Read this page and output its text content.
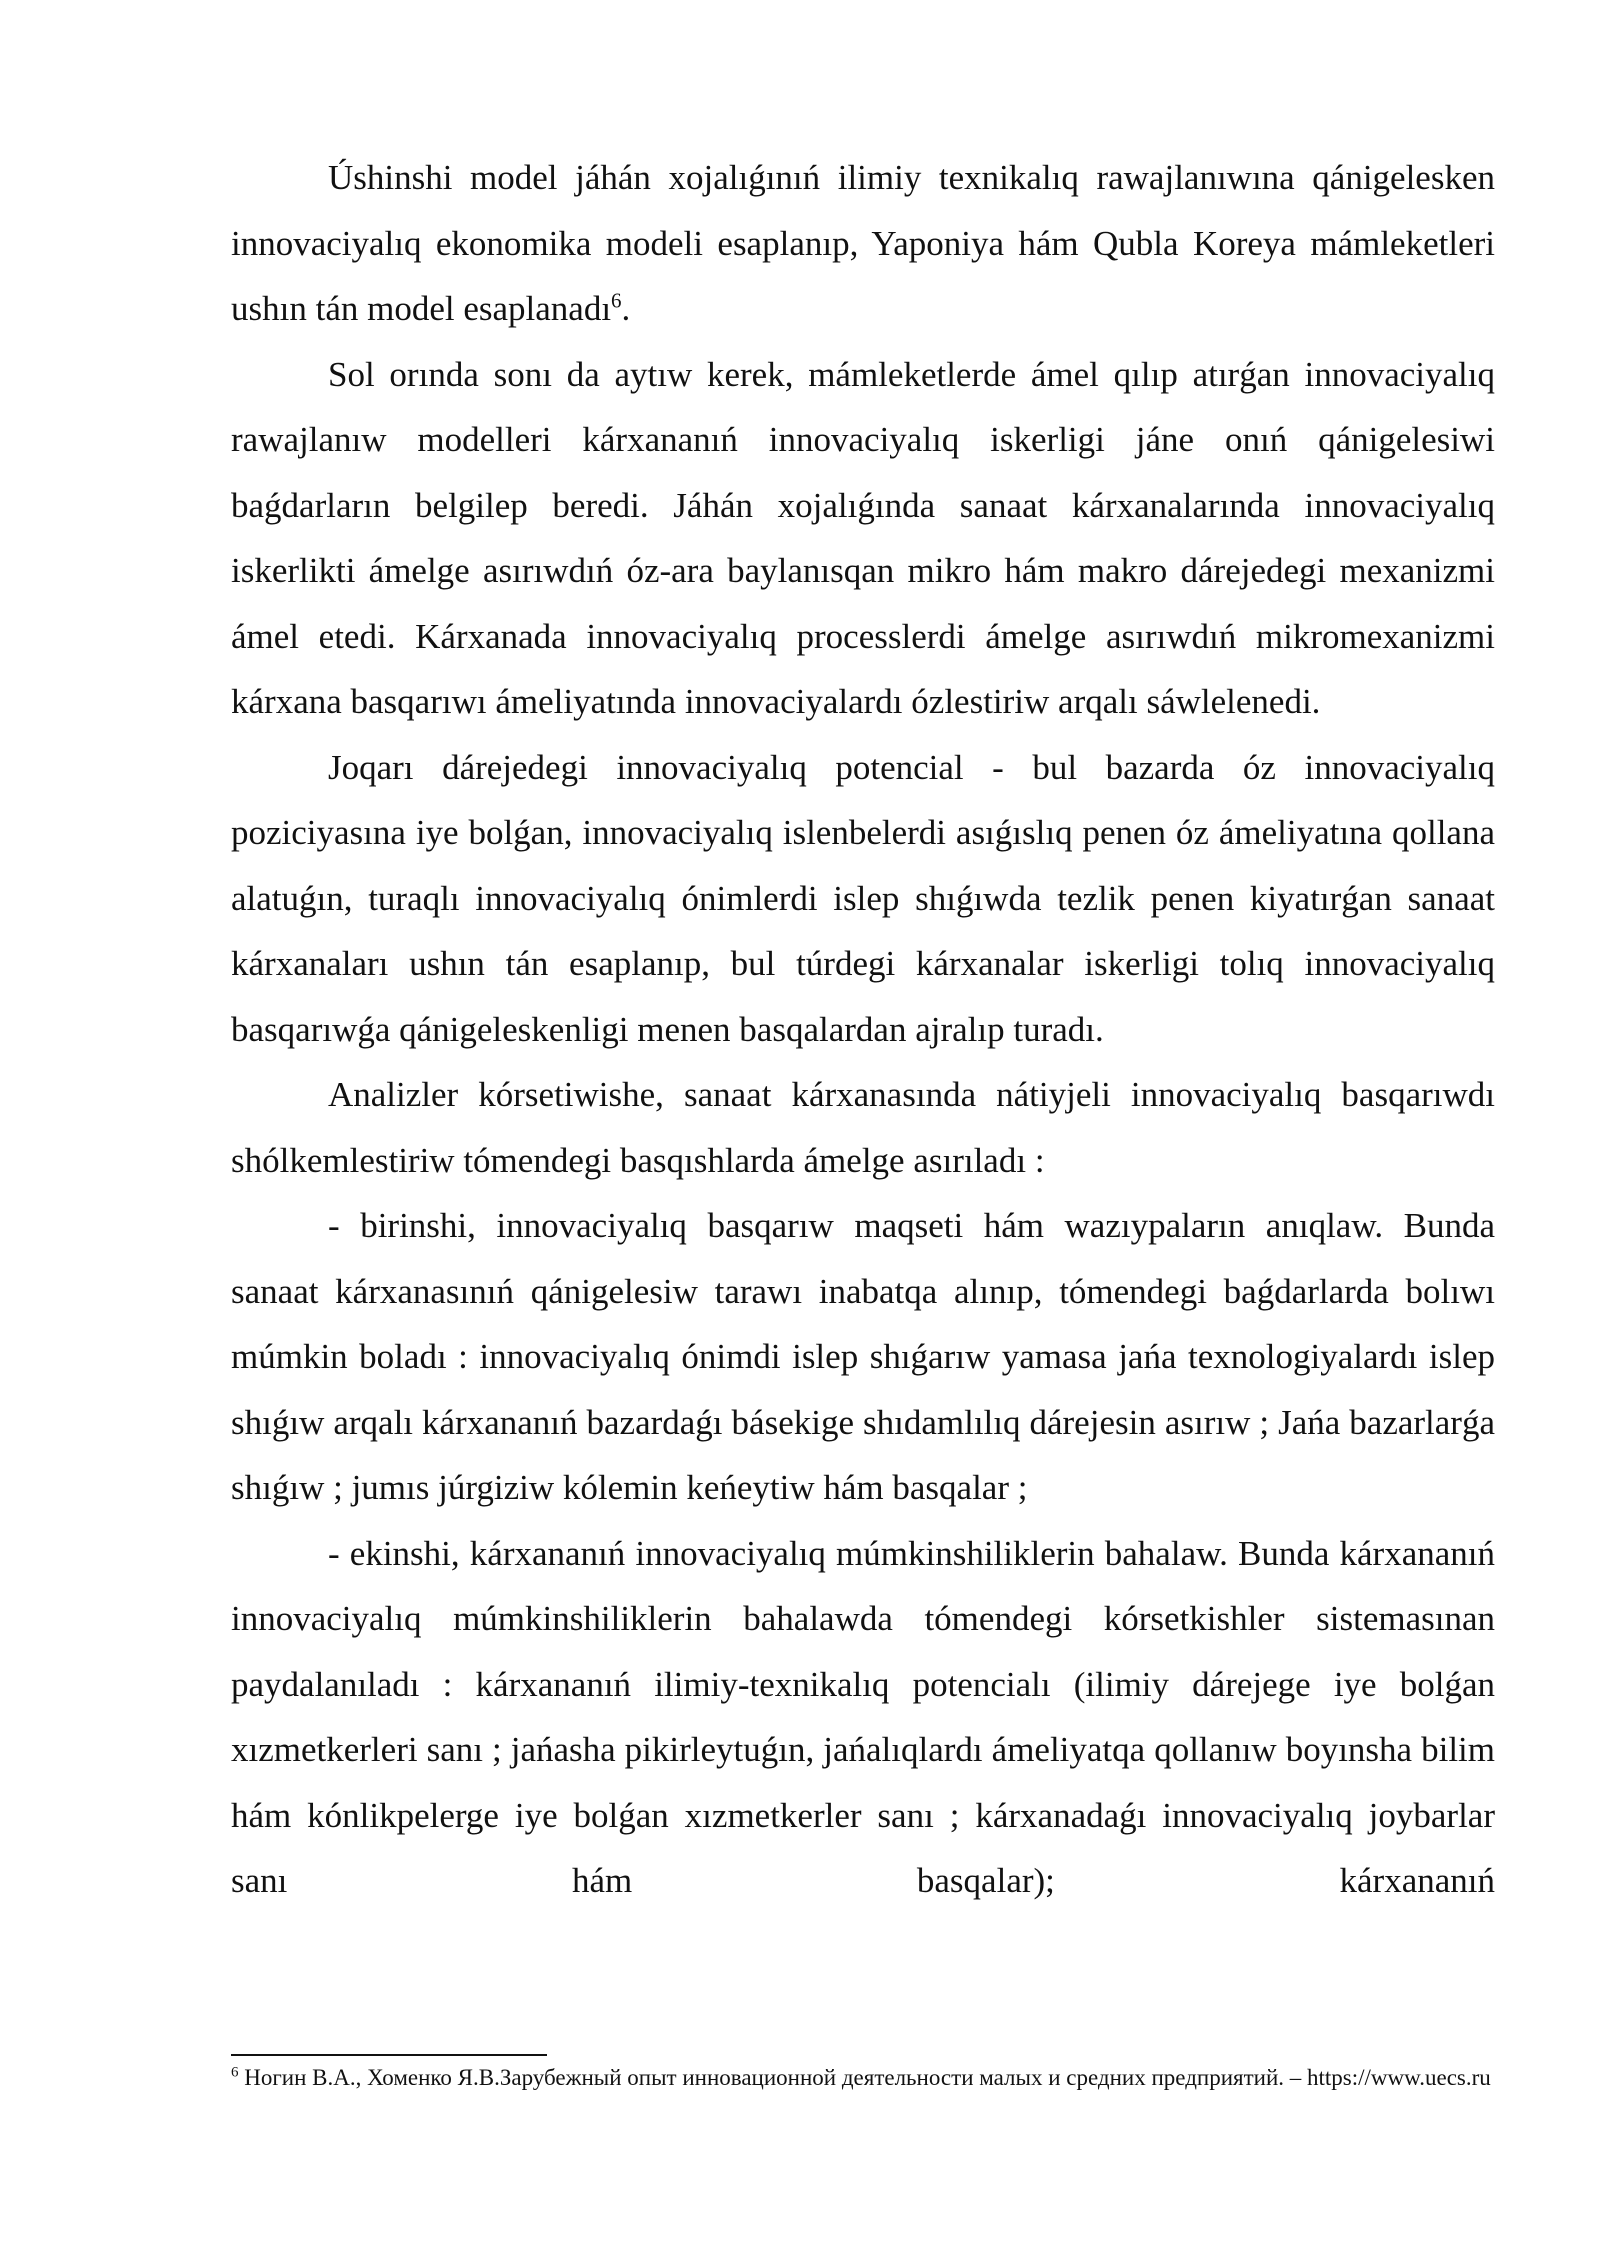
Úshinshi model jáhán xojalıǵınıń ilimiy texnikalıq rawajlanıwına qánigelesken innovaciyalıq ekonomika modeli esaplanıp, Yaponiya hám Qubla Koreya mámleketleri ushın tán model esaplanadı$^6$.

Sol orında sonı da aytıw kerek, mámleketlerde ámel qılıp atırǵan innovaciyalıq rawajlanıw modelleri kárxananıń innovaciyalıq iskerligi jáne onıń qánigelesiwi baǵdarların belgilep beredi. Jáhán xojalıǵında sanaat kárxanalarında innovaciyalıq iskerlikti ámelge asırıwdıń óz-ara baylanısqan mikro hám makro dárejedegi mexanizmi ámel etedi. Kárxanada innovaciyalıq processlerdi ámelge asırıwdıń mikromexanizmi kárxana basqarıwı ámeliyatında innovaciyalardı ózlestiriw arqalı sáwlelenedi.

Joqarı dárejedegi innovaciyalıq potencial - bul bazarda óz innovaciyalıq poziciyasına iye bolǵan, innovaciyalıq islenbelerdi asıǵıslıq penen óz ámeliyatına qollana alatuǵın, turaqlı innovaciyalıq ónimlerdi islep shıǵıwda tezlik penen kiyatırǵan sanaat kárxanaları ushın tán esaplanıp, bul túrdegi kárxanalar iskerligi tolıq innovaciyalıq basqarıwǵa qánigeleskenligi menen basqalardan ajralıp turadı.

Analizler kórsetiwishe, sanaat kárxanasında nátiyjeli innovaciyalıq basqarıwdı shólkemlestiriw tómendegi basqıshlarda ámelge asırıladı :

- birinshi, innovaciyalıq basqarıw maqseti hám wazıypaların anıqlaw. Bunda sanaat kárxanasınıń qánigelesiw tarawı inabatqa alınıp, tómendegi baǵdarlarda bolıwı múmkin boladı : innovaciyalıq ónimdi islep shıǵarıw yamasa jańa texnologiyalardı islep shıǵıw arqalı kárxananıń bazardaǵı básekige shıdamlılıq dárejesin asırıw ; Jańa bazarlarǵa shıǵıw ; jumıs júrgiziw kólemin keńeytiw hám basqalar ;

- ekinshi, kárxananıń innovaciyalıq múmkinshiliklerin bahalaw. Bunda kárxananıń innovaciyalıq múmkinshiliklerin bahalawda tómendegi kórsetkishler sistemasınan paydalanıladı : kárxananıń ilimiy-texnikalıq potencialı (ilimiy dárejege iye bolǵan xızmetkerleri sanı ; jańasha pikirleytuǵın, jańalıqlardı ámeliyatqa qollanıw boyınsha bilim hám kónlikpelerge iye bolǵan xızmetkerler sanı ; kárxanadaǵı innovaciyalıq joybarlar sanı hám basqalar); kárxananıń

$^6$ Ногин В.А., Хоменко Я.В.Зарубежный опыт инновационной деятельности малых и средних предприятий. – https://www.uecs.ru
